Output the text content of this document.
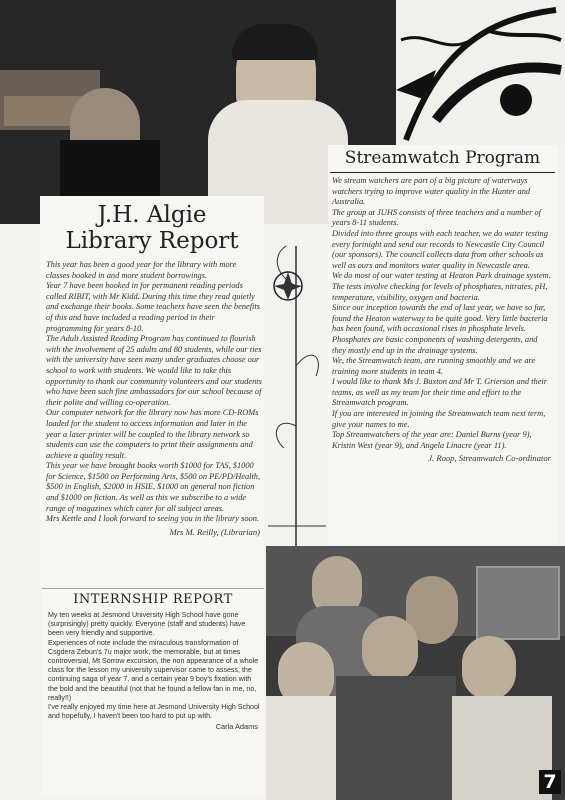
Streamwatch Program

We stream watchers are part of a big picture of waterways watchers trying to improve water quality in the Hunter and Australia.

The group at JUHS consists of three teachers and a number of years 8-11 students.

Divided into three groups with each teacher, we do water testing every fortnight and send our records to Newcastle City Council (our sponsors). The council collects data from other schools as well as ours and monitors water quality in Newcastle area.

We do most of our water testing at Heaton Park drainage system. The tests involve checking for levels of phosphates, nitrates, pH, temperature, visibility, oxygen and bacteria.

Since our inception towards the end of last year, we have so far, found the Heaton waterway to be quite good. Very little bacteria has been found, with occasional rises in phosphate levels.

Phosphates are basic components of washing detergents, and they mostly end up in the drainage systems.

We, the Streamwatch team, are running smoothly and we are training more students in team 4.

I would like to thank Ms J. Buxton and Mr T. Grierson and their teams, as well as my team for their time and effort to the Streamwatch program.

If you are interested in joining the Streamwatch team next term, give your names to me.

Top Streamwatchers of the year are: Daniel Burns (year 9), Kristin West (year 9), and Angela Linacre (year 11).

J. Roop, Streamwatch Co-ordinator
J.H. Algie
Library Report

This year has been a good year for the library with more classes booked in and more student borrowings.

Year 7 have been booked in for permanent reading periods called RIBIT, with Mr Kidd. During this time they read quietly and exchange their books. Some teachers have seen the benefits of this and have included a reading period in their programming for years 8-10.

The Adult Assisted Reading Program has continued to flourish with the involvement of 25 adults and 80 students, while our ties with the university have seen many under graduates choose our school to work with students. We would like to take this opportunity to thank our community volunteers and our students who have been such fine ambassadors for our school because of their polite and willing co-operation.

Our computer network for the library now has more CD-ROMs loaded for the student to access information and later in the year a laser printer will be coupled to the library network so students can use the computers to print their assignments and achieve a quality result.

This year we have brought books worth $1000 for TAS, $1000 for Science, $1500 on Performing Arts, $500 on PE/PD/Health, $500 in English, $2000 in HSIE, $1000 on general non fiction and $1000 on fiction. As well as this we subscribe to a wide range of magazines which cater for all subject areas.

Mrs Kettle and I look forward to seeing you in the library soon.

Mrs M. Reilly, (Librarian)
INTERNSHIP REPORT

My ten weeks at Jesmond University High School have gone (surprisingly) pretty quickly. Everyone (staff and students) have been very friendly and supportive.

Experiences of note include the miraculous transformation of Csgdera Zebun's 7u major work, the memorable, but at times controversial, Mt Sorrow excursion, the non appearance of a whole class for the lesson my university supervisor came to assess, the continuing saga of year 7, and a certain year 9 boy's fixation with the bold and the beautiful (not that he found a fellow fan in me, no, really!!)

I've really enjoyed my time here at Jesmond University High School and hopefully, I haven't been too hard to put up with.

Carla Adams
7
